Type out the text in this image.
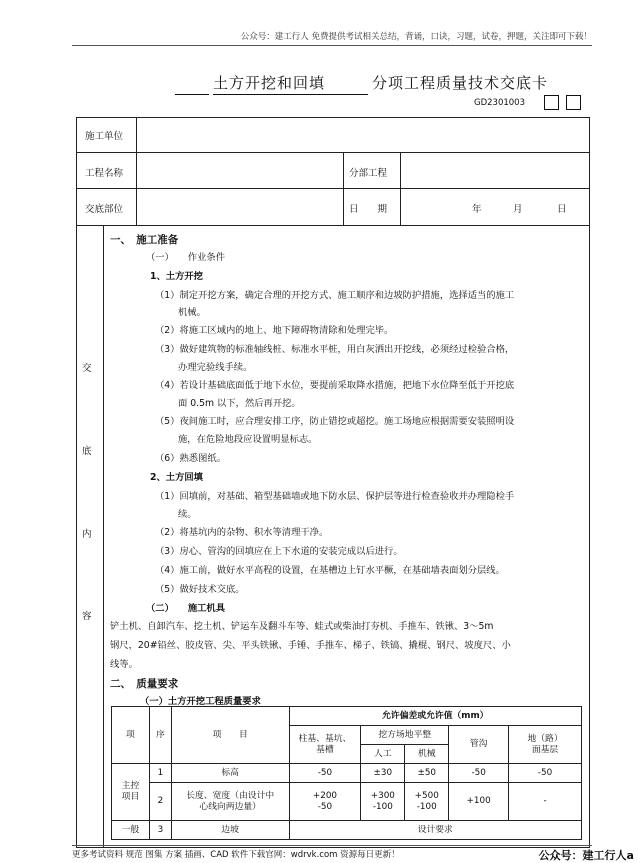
公众号：建工行人 免费提供考试相关总结，背诵，口诀，习题，试卷，押题，关注即可下载！
土方开挖和回填	分项工程质量技术交底卡
GD2301003
施工单位
工程名称	分部工程
交底部位	日　　期	年	月	日
交
底
内
容
一、　施工准备
（一）　　作业条件
1、土方开挖
（1）制定开挖方案，确定合理的开挖方式、施工顺序和边坡防护措施，选择适当的施工
机械。
（2）将施工区域内的地上、地下障碍物清除和处理完毕。
（3）做好建筑物的标准轴线桩、标准水平桩，用白灰洒出开挖线，必须经过检验合格，
办理完验线手续。
（4）若设计基础底面低于地下水位，要提前采取降水措施，把地下水位降至低于开挖底
面 0.5m 以下，然后再开挖。
（5）夜间施工时，应合理安排工序，防止错挖或超挖。施工场地应根据需要安装照明设
施，在危险地段应设置明显标志。
（6）熟悉图纸。
2、土方回填
（1）回填前，对基础、箱型基础墙或地下防水层、保护层等进行检查验收并办理隐检手
续。
（2）将基坑内的杂物、积水等清理干净。
（3）房心、管沟的回填应在上下水道的安装完成以后进行。
（4）施工前，做好水平高程的设置，在基槽边上钉水平橛，在基础墙表面划分层线。
（5）做好技术交底。
（二）　　施工机具
铲土机、自卸汽车、挖土机、铲运车及翻斗车等、蛙式或柴油打夯机、手推车、铁锹、3～5m
钢尺，20#铅丝、胶皮管、尖、平头铁锹、手锤、手推车、梯子、铁镐、撬棍、钢尺、坡度尺、小
线等。
二、　质量要求
（一）土方开挖工程质量要求
项	序	项　　目	允许偏差或允许值（mm）				
			柱基、基坑、
基槽	挖方场地平整		管沟	地（路）
面基层
				人工	机械		
主控
项目	1	标高	-50	±30	±50	-50	-50
	2	长度、宽度（由设计中
心线向两边量）	+200
-50	+300
-100	+500
-100	+100	-
一般	3	边坡	设计要求				
更多考试资料 规范 图集 方案 插画、CAD 软件下载官网：wdrvk.com 资源每日更新！	公众号：建工行人a
